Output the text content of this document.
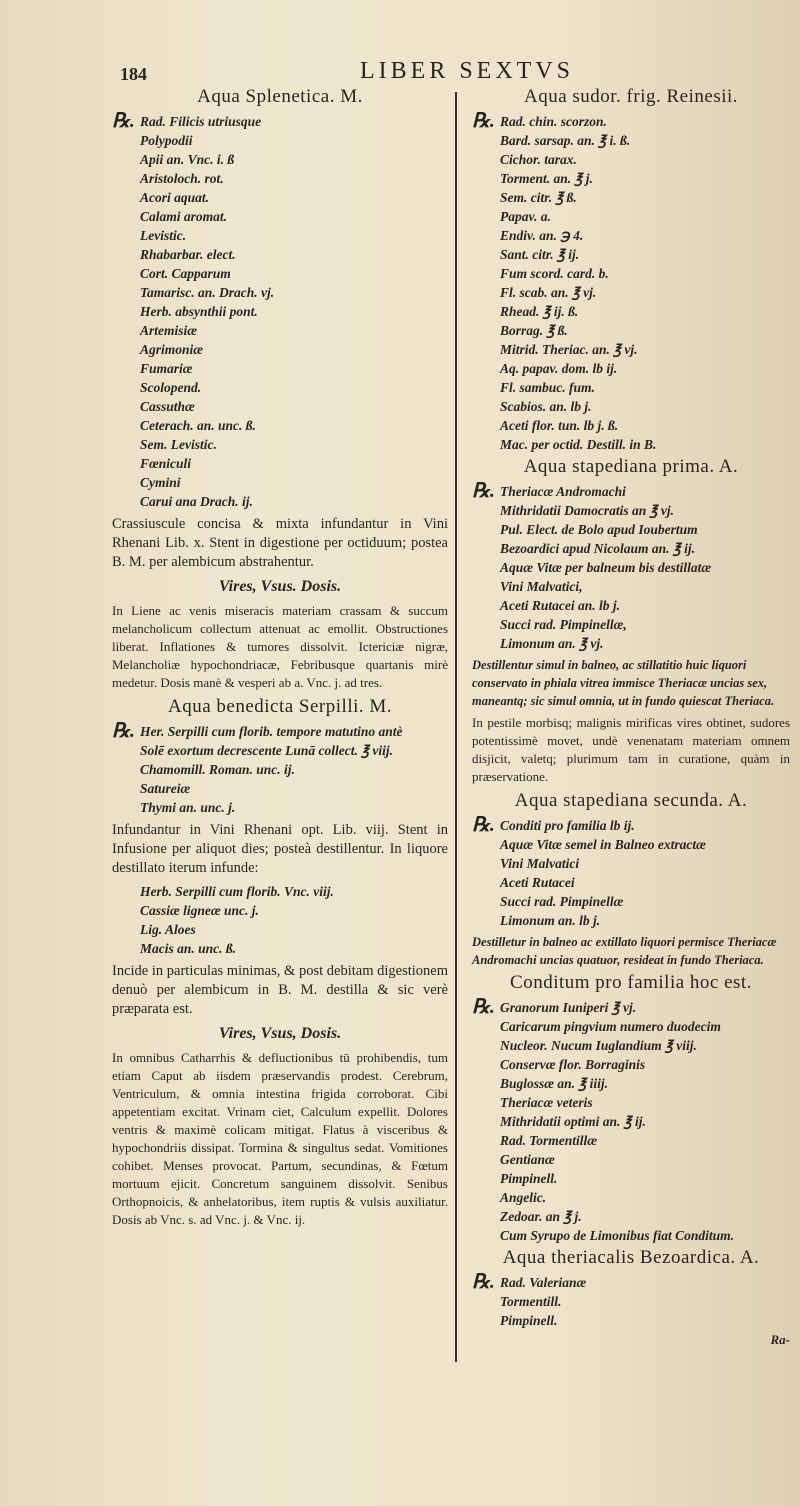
184	LIBER SEXTVS
Aqua Splenetica. M.
℞. Rad. Filicis utriusque
Polypodii
Apii an. Vnc. i. ß
Aristoloch. rot.
Acori aquat.
Calami aromat.
Levistic.
Rhabarbar. elect.
Cort. Capparum
Tamarisc. an. Drach. vj.
Herb. absynthii pont.
Artemisiæ
Agrimoniæ
Fumariæ
Scolopend.
Cassuthæ
Ceterach. an. unc. ß.
Sem. Levistic.
Fœniculi
Cymini
Carui ana Drach. ij.
Crassiuscule concisa & mixta infundantur in Vini Rhenani Lib. x. Stent in digestione per octiduum; postea B. M. per alembicum abstrahentur.
Vires, Vsus. Dosis.
In Liene ac venis miseracis materiam crassam & succum melancholicum collectum attenuat ac emollit. Obstructiones liberat. Inflationes & tumores dissolvit. Ictericiæ nigræ, Melancholiæ hypochondriacæ, Febribusque quartanis mirè medetur. Dosis manè & vesperi ab a. Vnc. j. ad tres.
Aqua benedicta Serpilli. M.
℞. Her. Serpilli cum florib. tempore matutino antè
Solē exortum decrescente Lunā collect. ℥ viij.
Chamomill. Roman. unc. ij.
Satureiæ
Thymi an. unc. j.
Infundantur in Vini Rhenani opt. Lib. viij. Stent in Infusione per aliquot dies; posteà destillentur. In liquore destillato iterum infunde:
Herb. Serpilli cum florib. Vnc. viij.
Cassiæ ligneæ unc. j.
Lig. Aloes
Macis an. unc. ß.
Incide in particulas minimas, & post debitam digestionem denuò per alembicum in B. M. destilla & sic verè præparata est.
Vires, Vsus, Dosis.
In omnibus Catharrhis & defluctionibus tū prohibendis, tum etiam Caput ab iisdem præservandis prodest. Cerebrum, Ventriculum, & omnia intestina frigida corroborat. Cibi appetentiam excitat. Vrinam ciet, Calculum expellit. Dolores ventris & maximè colicam mitigat. Flatus à visceribus & hypochondriis dissipat. Tormina & singultus sedat. Vomitiones cohibet. Menses provocat. Partum, secundinas, & Fœtum mortuum ejicit. Concretum sanguinem dissolvit. Senibus Orthopnoicis, & anhelatoribus, item ruptis & vulsis auxiliatur. Dosis ab Vnc. s. ad Vnc. j. & Vnc. ij.
Aqua sudor. frig. Reinesii.
℞. Rad. chin. scorzon.
Bard. sarsap. an. ℥ i. ß.
Cichor. tarax.
Torment. an. ℥ j.
Sem. citr. ℥ ß.
Papav. a.
Endiv. an. ℈ 4.
Sant. citr. ℥ ij.
Fum scord. card. b.
Fl. scab. an. ℥ vj.
Rhead. ℥ ij. ß.
Borrag. ℥ ß.
Mitrid. Theriac. an. ℥ vj.
Aq. papav. dom. lb ij.
Fl. sambuc. fum.
Scabios. an. lb j.
Aceti flor. tun. lb j. ß.
Mac. per octid. Destill. in B.
Aqua stapediana prima. A.
℞. Theriacæ Andromachi
Mithridatii Damocratis an ℥ vj.
Pul. Elect. de Bolo apud Ioubertum
Bezoardici apud Nicolaum an. ℥ ij.
Aquæ Vitæ per balneum bis destillatæ
Vini Malvatici,
Aceti Rutacei an. lb j.
Succi rad. Pimpinellæ,
Limonum an. ℥ vj.
Destillentur simul in balneo, ac stillatitio huic liquori conservato in phiala vitrea immisce Theriacæ uncias sex, maneantq; sic simul omnia, ut in fundo quiescat Theriaca.
In pestile morbisq; malignis mirificas vires obtinet, sudores potentissimè movet, undè venenatam materiam omnem disjicit, valetq; plurimum tam in curatione, quàm in præservatione.
Aqua stapediana secunda. A.
℞. Conditi pro familia lb ij.
Aquæ Vitæ semel in Balneo extractæ
Vini Malvatici
Aceti Rutacei
Succi rad. Pimpinellæ
Limonum an. lb j.
Destilletur in balneo ac extillato liquori permisce Theriacæ Andromachi uncias quatuor, resideat in fundo Theriaca.
Conditum pro familia hoc est.
℞. Granorum Iuniperi ℥ vj.
Caricarum pingvium numero duodecim
Nucleor. Nucum Iuglandium ℥ viij.
Conservæ flor. Borraginis
Buglossæ an. ℥ iiij.
Theriacæ veteris
Mithridatii optimi an. ℥ ij.
Rad. Tormentillæ
Gentianæ
Pimpinell.
Angelic.
Zedoar. an ℥ j.
Cum Syrupo de Limonibus fiat Conditum.
Aqua theriacalis Bezoardica. A.
℞. Rad. Valerianæ
Tormentill.
Pimpinell.
Ra-
